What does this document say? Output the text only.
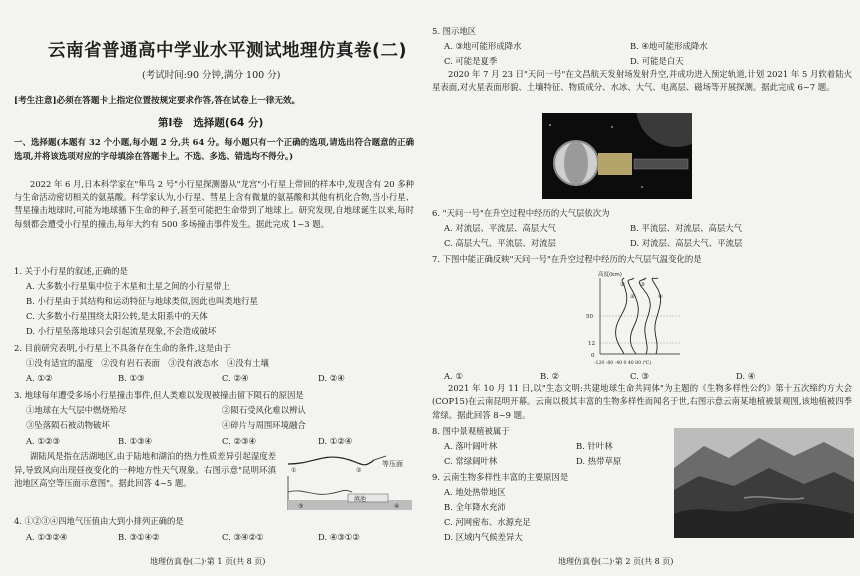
云南省普通高中学业水平测试地理仿真卷(二)
(考试时间:90 分钟,满分 100 分)
[考生注意]必须在答题卡上指定位置按规定要求作答,答在试卷上一律无效。
第Ⅰ卷　选择题(64 分)
一、选择题(本题有 32 个小题,每小题 2 分,共 64 分。每小题只有一个正确的选项,请选出符合题意的正确选项,并将该选项对应的字母填涂在答题卡上。不选、多选、错选均不得分。)
2022 年 6 月,日本科学家在"隼鸟 2 号"小行星探测器从"龙宫"小行星上带回的样本中,发现含有 20 多种与生命活动密切相关的氨基酸。科学家认为,小行星、彗星上含有微量的氨基酸和其他有机化合物,当小行星、彗星撞击地球时,可能为地球播下生命的种子,甚至可能把生命带到了地球上。研究发现,自地球诞生以来,每时每刻都会遭受小行星的撞击,每年大约有 500 多场撞击事件发生。据此完成 1~3 题。
1. 关于小行星的叙述,正确的是
A. 大多数小行星集中位于木星和土星之间的小行星带上
B. 小行星由于其结构和运动特征与地球类似,因此也叫类地行星
C. 大多数小行星围绕太阳公转,是太阳系中的天体
D. 小行星坠落地球只会引起流星现象,不会造成破坏
2. 目前研究表明,小行星上不具备存在生命的条件,这是由于
①没有适宜的温度　②没有岩石表面　③没有液态水　④没有土壤
A. ①②	B. ①③	C. ②④	D. ②④
3. 地球每年遭受多场小行星撞击事件,但人类难以发现被撞击留下陨石的原因是
①地球在大气层中燃烧殆尽	②陨石受风化难以辨认
③坠落陨石被动物破坏	④碎片与周围环境融合
A. ①②③	B. ①③④	C. ②③④	D. ①②④
湖陆风是指在活湖地区,由于陆地和湖泊的热力性质差异引起湿度差异,导致风向出现昼夜变化的一种地方性天气现象。右图示意"昆明环滇池地区高空等压面示意图"。据此回答 4~5 题。
等压面
①	②
滇池
③	④
4. ①②③④四地气压值由大到小排列正确的是
A. ①③②④	B. ③①④②	C. ③④②①	D. ④③①②
地理仿真卷(二)·第 1 页(共 8 页)
5. 图示地区
A. ③地可能形成降水	B. ④地可能形成降水
C. 可能是夏季	D. 可能是白天
2020 年 7 月 23 日"天问一号"在文昌航天发射场发射升空,并成功进入预定轨道,计划 2021 年 5 月软着陆火星表面,对火星表面形貌、土壤特征、物质成分、水冰、大气、电离层、磁场等开展探测。据此完成 6~7 题。
6. "天问一号"在升空过程中经历的大气层依次为
A. 对流层、平流层、高层大气	B. 平流层、对流层、高层大气
C. 高层大气、平流层、对流层	D. 对流层、高层大气、平流层
7. 下图中能正确反映"天问一号"在升空过程中经历的大气层气温变化的是
高度(km)
50
12
0
①
②
③
④
-120 -80 -40 0 40 80 (℃)
A. ①	B. ②	C. ③	D. ④
2021 年 10 月 11 日,以"生态文明:共建地球生命共同体"为主题的《生物多样性公约》第十五次缔约方大会(COP15)在云南昆明开幕。云南以极其丰富的生物多样性而闻名于世,右图示意云南某地植被景观图,该地植被四季常绿。据此回答 8~9 题。
8. 图中景观植被属于
A. 落叶阔叶林	B. 针叶林
C. 常绿阔叶林	D. 热带草原
9. 云南生物多样性丰富的主要原因是
A. 地处热带地区
B. 全年降水充沛
C. 河网密布、水源充足
D. 区域内气候差异大
地理仿真卷(二)·第 2 页(共 8 页)
